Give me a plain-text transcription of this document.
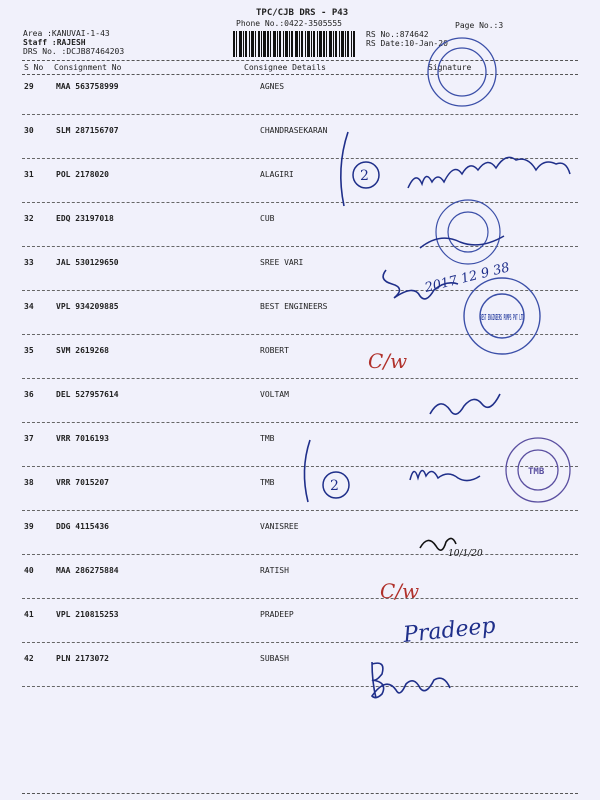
TPC/CJB DRS - P43
Phone No.:0422-3505555	Page No.:3
Area :KANUVAI-1-43
Staff :RAJESH
DRS No. :DCJB87464203
RS No.:874642
RS Date:10-Jan-20
S No Consignment No	Consignee Details	Signature
29	MAA 563758999	AGNES
30	SLM 287156707	CHANDRASEKARAN
31	POL 2178020	ALAGIRI
32	EDQ 23197018	CUB
33	JAL 530129650	SREE VARI
34	VPL 934209885	BEST ENGINEERS
35	SVM 2619268	ROBERT
36	DEL 527957614	VOLTAM
37	VRR 7016193	TMB
38	VRR 7015207	TMB
39	DDG 4115436	VANISREE
40	MAA 286275884	RATISH
41	VPL 210815253	PRADEEP
42	PLN 2173072	SUBASH
2
2017 12 9 38
BEST ENGINEERS PUMPS PVT LTD
C/w
2
TMB
10/1/20
C/w
Pradeep
